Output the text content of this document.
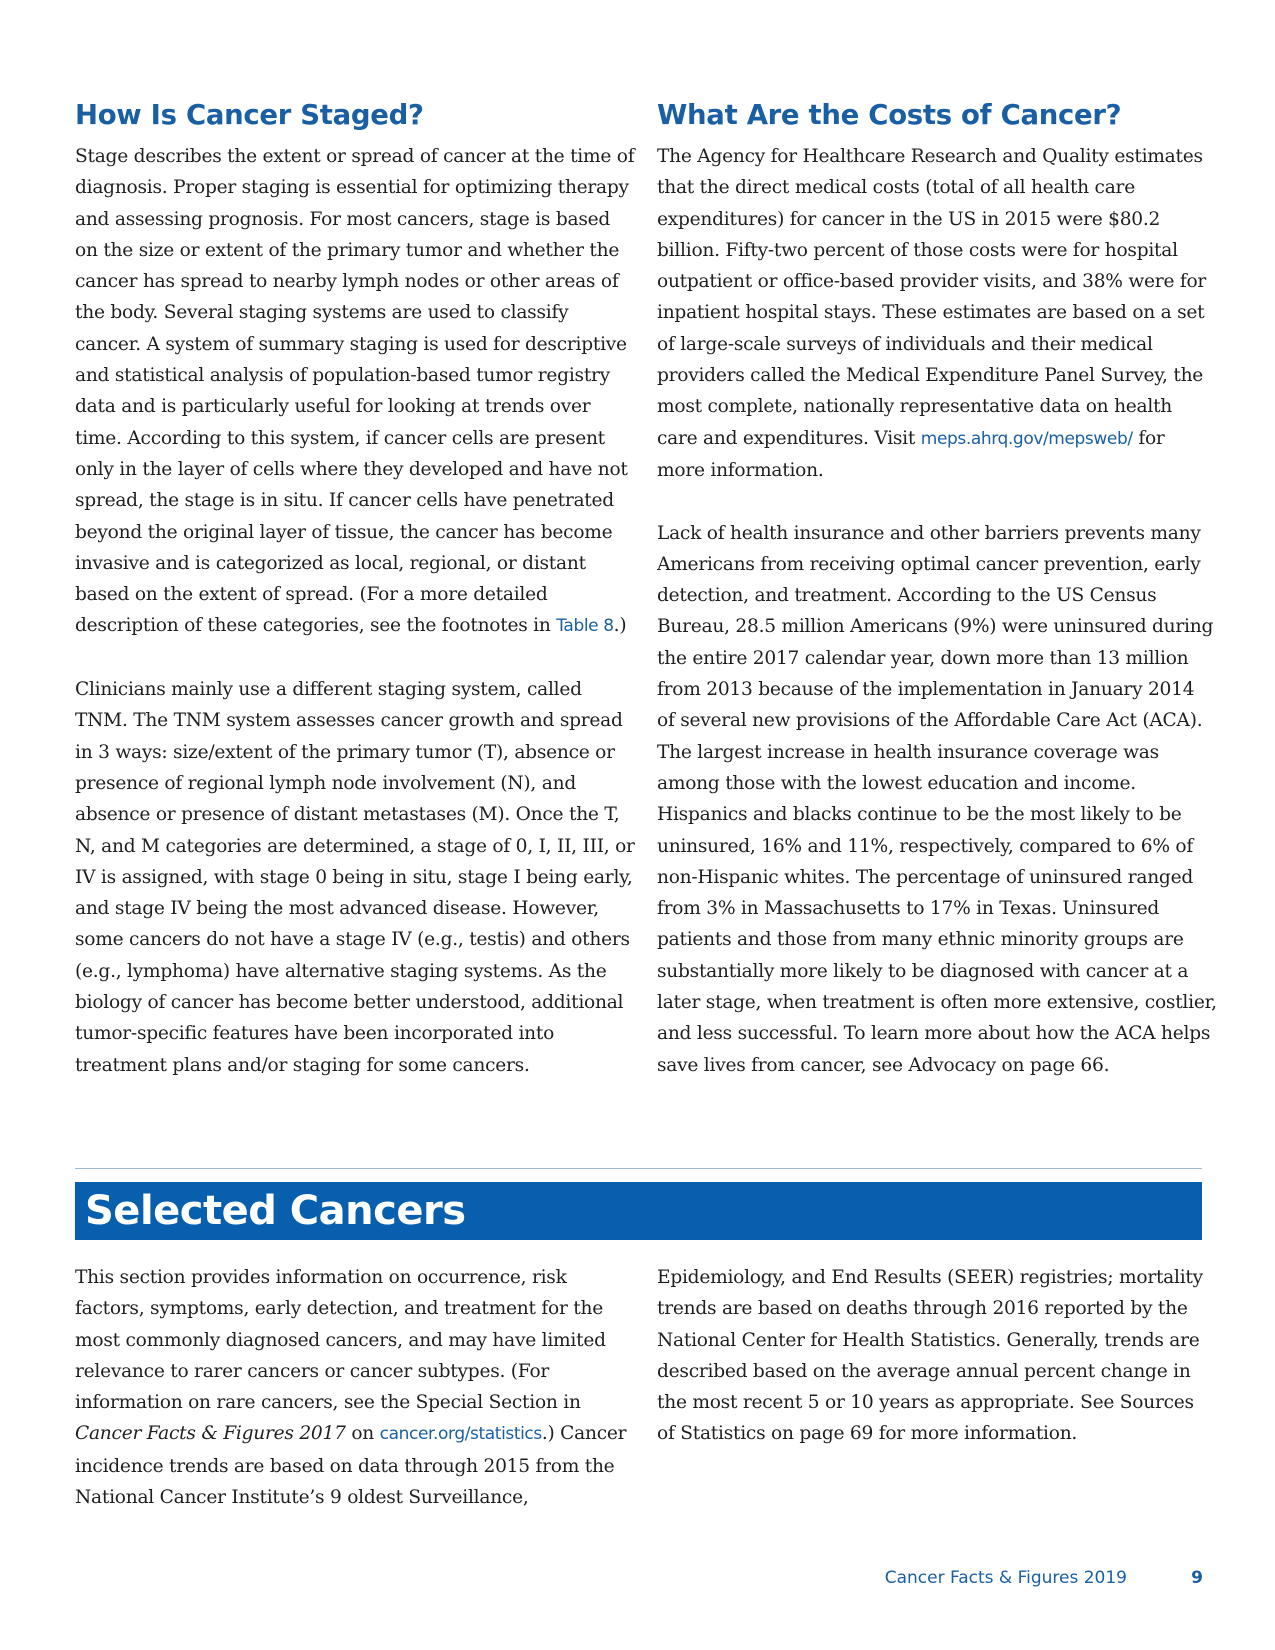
How Is Cancer Staged?

Stage describes the extent or spread of cancer at the time of diagnosis. Proper staging is essential for optimizing therapy and assessing prognosis. For most cancers, stage is based on the size or extent of the primary tumor and whether the cancer has spread to nearby lymph nodes or other areas of the body. Several staging systems are used to classify cancer. A system of summary staging is used for descriptive and statistical analysis of population-based tumor registry data and is particularly useful for looking at trends over time. According to this system, if cancer cells are present only in the layer of cells where they developed and have not spread, the stage is in situ. If cancer cells have penetrated beyond the original layer of tissue, the cancer has become invasive and is categorized as local, regional, or distant based on the extent of spread. (For a more detailed description of these categories, see the footnotes in Table 8.)

Clinicians mainly use a different staging system, called TNM. The TNM system assesses cancer growth and spread in 3 ways: size/extent of the primary tumor (T), absence or presence of regional lymph node involvement (N), and absence or presence of distant metastases (M). Once the T, N, and M categories are determined, a stage of 0, I, II, III, or IV is assigned, with stage 0 being in situ, stage I being early, and stage IV being the most advanced disease. However, some cancers do not have a stage IV (e.g., testis) and others (e.g., lymphoma) have alternative staging systems. As the biology of cancer has become better understood, additional tumor-specific features have been incorporated into treatment plans and/or staging for some cancers.

What Are the Costs of Cancer?

The Agency for Healthcare Research and Quality estimates that the direct medical costs (total of all health care expenditures) for cancer in the US in 2015 were $80.2 billion. Fifty-two percent of those costs were for hospital outpatient or office-based provider visits, and 38% were for inpatient hospital stays. These estimates are based on a set of large-scale surveys of individuals and their medical providers called the Medical Expenditure Panel Survey, the most complete, nationally representative data on health care and expenditures. Visit meps.ahrq.gov/mepsweb/ for more information.

Lack of health insurance and other barriers prevents many Americans from receiving optimal cancer prevention, early detection, and treatment. According to the US Census Bureau, 28.5 million Americans (9%) were uninsured during the entire 2017 calendar year, down more than 13 million from 2013 because of the implementation in January 2014 of several new provisions of the Affordable Care Act (ACA). The largest increase in health insurance coverage was among those with the lowest education and income. Hispanics and blacks continue to be the most likely to be uninsured, 16% and 11%, respectively, compared to 6% of non-Hispanic whites. The percentage of uninsured ranged from 3% in Massachusetts to 17% in Texas. Uninsured patients and those from many ethnic minority groups are substantially more likely to be diagnosed with cancer at a later stage, when treatment is often more extensive, costlier, and less successful. To learn more about how the ACA helps save lives from cancer, see Advocacy on page 66.

Selected Cancers

This section provides information on occurrence, risk factors, symptoms, early detection, and treatment for the most commonly diagnosed cancers, and may have limited relevance to rarer cancers or cancer subtypes. (For information on rare cancers, see the Special Section in Cancer Facts & Figures 2017 on cancer.org/statistics.) Cancer incidence trends are based on data through 2015 from the National Cancer Institute’s 9 oldest Surveillance,

Epidemiology, and End Results (SEER) registries; mortality trends are based on deaths through 2016 reported by the National Center for Health Statistics. Generally, trends are described based on the average annual percent change in the most recent 5 or 10 years as appropriate. See Sources of Statistics on page 69 for more information.

Cancer Facts & Figures 2019	9
